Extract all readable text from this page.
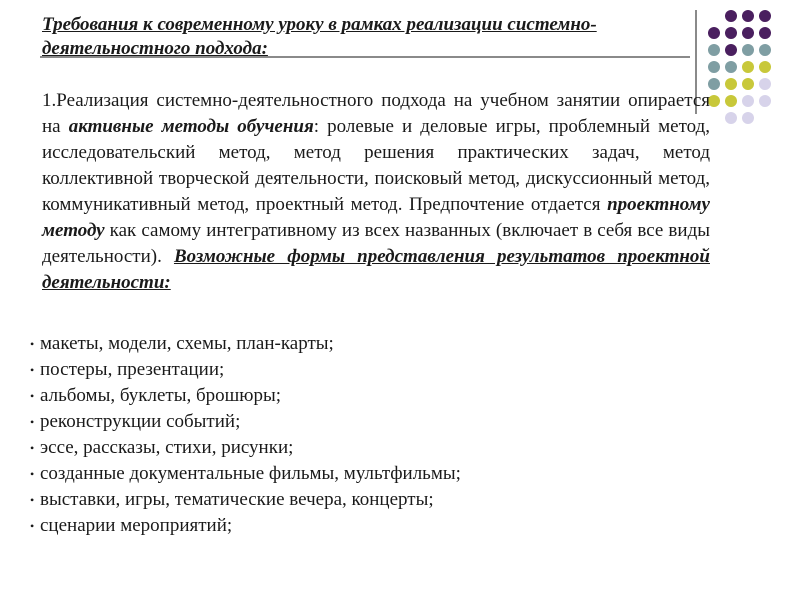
Требования к современному уроку в рамках реализации системно-деятельностного подхода:
1.Реализация системно-деятельностного подхода на учебном занятии опирается на активные методы обучения: ролевые и деловые игры, проблемный метод, исследовательский метод, метод решения практических задач, метод коллективной творческой деятельности, поисковый метод, дискуссионный метод, коммуникативный метод, проектный метод. Предпочтение отдается проектному методу как самому интегративному из всех названных (включает в себя все виды деятельности). Возможные формы представления результатов проектной деятельности:
• макеты, модели, схемы, план-карты;
• постеры, презентации;
• альбомы, буклеты, брошюры;
• реконструкции событий;
• эссе, рассказы, стихи, рисунки;
• созданные документальные фильмы, мультфильмы;
• выставки, игры, тематические вечера, концерты;
• сценарии мероприятий;
